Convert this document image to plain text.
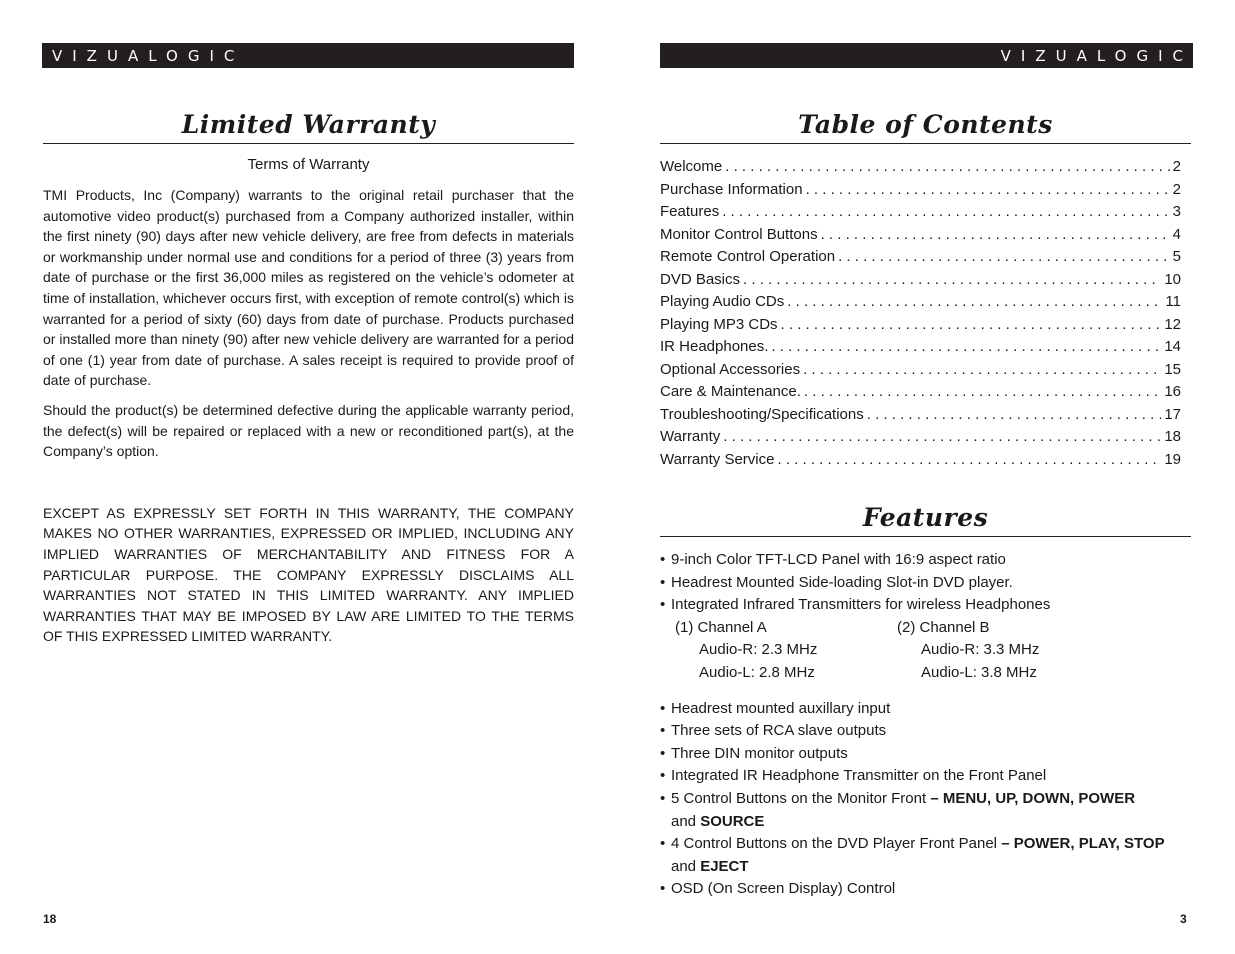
VIZUALOGIC	VIZUALOGIC
Limited Warranty
Terms of Warranty

TMI Products, Inc (Company) warrants to the original retail purchaser that the automotive video product(s) purchased from a Company authorized installer, within the first ninety (90) days after new vehicle delivery, are free from defects in materials or workmanship under normal use and conditions for a period of three (3) years from date of purchase or the first 36,000 miles as registered on the vehicle’s odometer at time of installation, whichever occurs first, with exception of remote control(s) which is warranted for a period of sixty (60) days from date of purchase. Products purchased or installed more than ninety (90) after new vehicle delivery are warranted for a period of one (1) year from date of purchase. A sales receipt is required to provide proof of date of purchase.

Should the product(s) be determined defective during the applicable warranty period, the defect(s) will be repaired or replaced with a new or reconditioned part(s), at the Company’s option.

EXCEPT AS EXPRESSLY SET FORTH IN THIS WARRANTY, THE COMPANY MAKES NO OTHER WARRANTIES, EXPRESSED OR IMPLIED, INCLUDING ANY IMPLIED WARRANTIES OF MERCHANTABILITY AND FITNESS FOR A PARTICULAR PURPOSE. THE COMPANY EXPRESSLY DISCLAIMS ALL WARRANTIES NOT STATED IN THIS LIMITED WARRANTY. ANY IMPLIED WARRANTIES THAT MAY BE IMPOSED BY LAW ARE LIMITED TO THE TERMS OF THIS EXPRESSED LIMITED WARRANTY.

Table of Contents
Welcome . . .	2
Purchase Information . . .	2
Features . . .	3
Monitor Control Buttons . . .	4
Remote Control Operation . . .	5
DVD Basics . . .	10
Playing Audio CDs . . .	11
Playing MP3 CDs . . .	12
IR Headphones. . . .	14
Optional Accessories . . .	15
Care & Maintenance. . . .	16
Troubleshooting/Specifications . . .	17
Warranty . . .	18
Warranty Service . . .	19
Features
• 9-inch Color TFT-LCD Panel with 16:9 aspect ratio
• Headrest Mounted Side-loading Slot-in DVD player.
• Integrated Infrared Transmitters for wireless Headphones
(1) Channel A
Audio-R: 2.3 MHz
Audio-L: 2.8 MHz
(2) Channel B
Audio-R: 3.3 MHz
Audio-L: 3.8 MHz
• Headrest mounted auxillary input
• Three sets of RCA slave outputs
• Three DIN monitor outputs
• Integrated IR Headphone Transmitter on the Front Panel
• 5 Control Buttons on the Monitor Front – MENU, UP, DOWN, POWER
and SOURCE
• 4 Control Buttons on the DVD Player Front Panel – POWER, PLAY, STOP
and EJECT
• OSD (On Screen Display) Control
18	3
